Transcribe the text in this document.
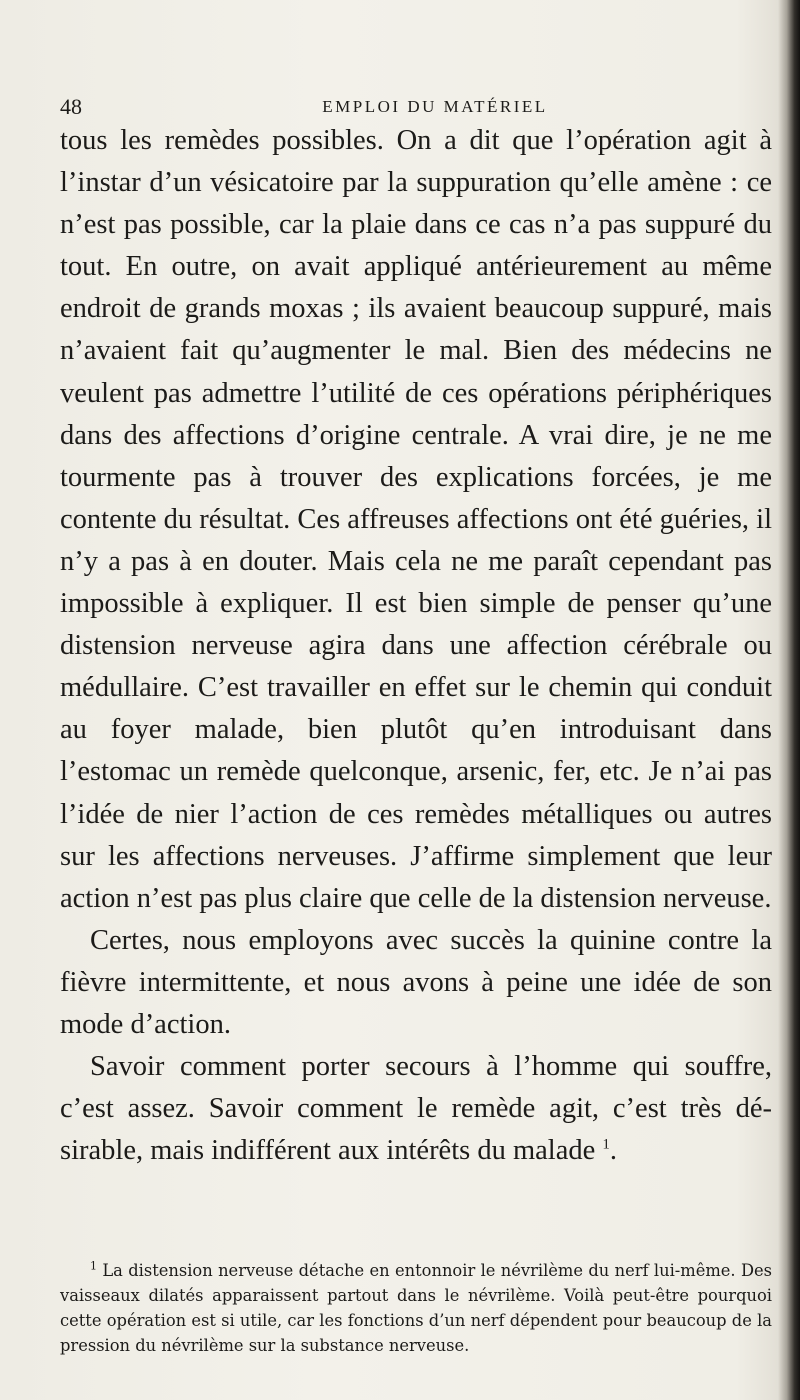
48	EMPLOI DU MATÉRIEL

tous les remèdes possibles. On a dit que l’opération agit à l’instar d’un vésicatoire par la suppuration qu’elle amène : ce n’est pas possible, car la plaie dans ce cas n’a pas suppuré du tout. En outre, on avait appliqué antérieurement au même endroit de grands moxas ; ils avaient beaucoup suppuré, mais n’avaient fait qu’augmenter le mal. Bien des médecins ne veulent pas admettre l’utilité de ces opérations périphériques dans des affections d’origine centrale. A vrai dire, je ne me tourmente pas à trouver des explications forcées, je me contente du résultat. Ces affreuses affections ont été guéries, il n’y a pas à en douter. Mais cela ne me paraît cependant pas impossible à expliquer. Il est bien simple de penser qu’une distension nerveuse agira dans une affection cérébrale ou médullaire. C’est travailler en effet sur le chemin qui conduit au foyer malade, bien plutôt qu’en introduisant dans l’estomac un remède quelconque, arsenic, fer, etc. Je n’ai pas l’idée de nier l’action de ces remèdes métalliques ou autres sur les affections nerveuses. J’affirme simplement que leur action n’est pas plus claire que celle de la distension nerveuse.

Certes, nous employons avec succès la quinine contre la fièvre intermittente, et nous avons à peine une idée de son mode d’action.

Savoir comment porter secours à l’homme qui souffre, c’est assez. Savoir comment le remède agit, c’est très désirable, mais indifférent aux intérêts du malade $^1$.

$^1$ La distension nerveuse détache en entonnoir le névrilème du nerf lui-même. Des vaisseaux dilatés apparaissent partout dans le névrilème. Voilà peut-être pourquoi cette opération est si utile, car les fonctions d’un nerf dépendent pour beaucoup de la pression du névrilème sur la substance nerveuse.
